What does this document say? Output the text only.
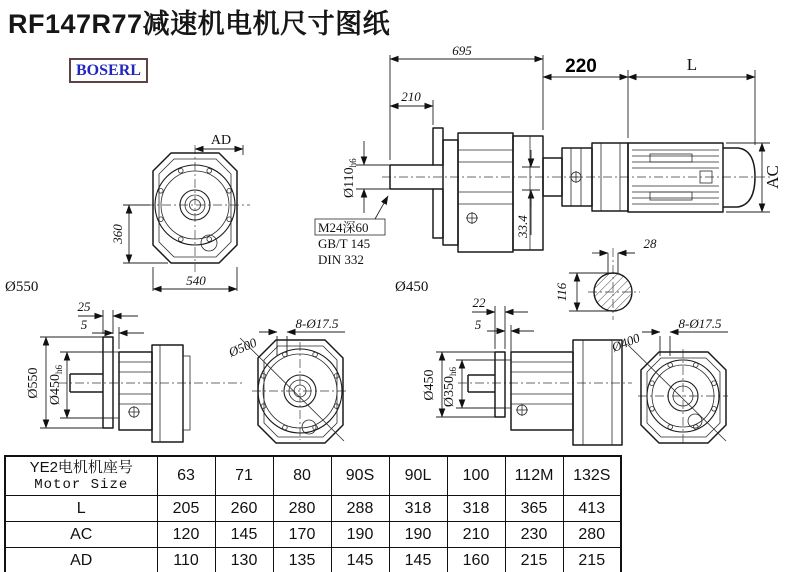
RF147R77减速机电机尺寸图纸
BOSERL
AD
360
540
Ø550
695
210
220	L
AC
$Ø110_{h6}$
33.4
M24深60
GB/T 145
DIN 332
28
116
25
5
Ø550 $Ø450_{h6}$
Ø500
8-Ø17.5
Ø450
22
5
Ø450 $Ø350_{h6}$
Ø400
8-Ø17.5
YE2电机机座号
Motor Size	63	71	80	90S	90L	100	112M	132S
L	205	260	280	288	318	318	365	413
AC	120	145	170	190	190	210	230	280
AD	110	130	135	145	145	160	215	215
